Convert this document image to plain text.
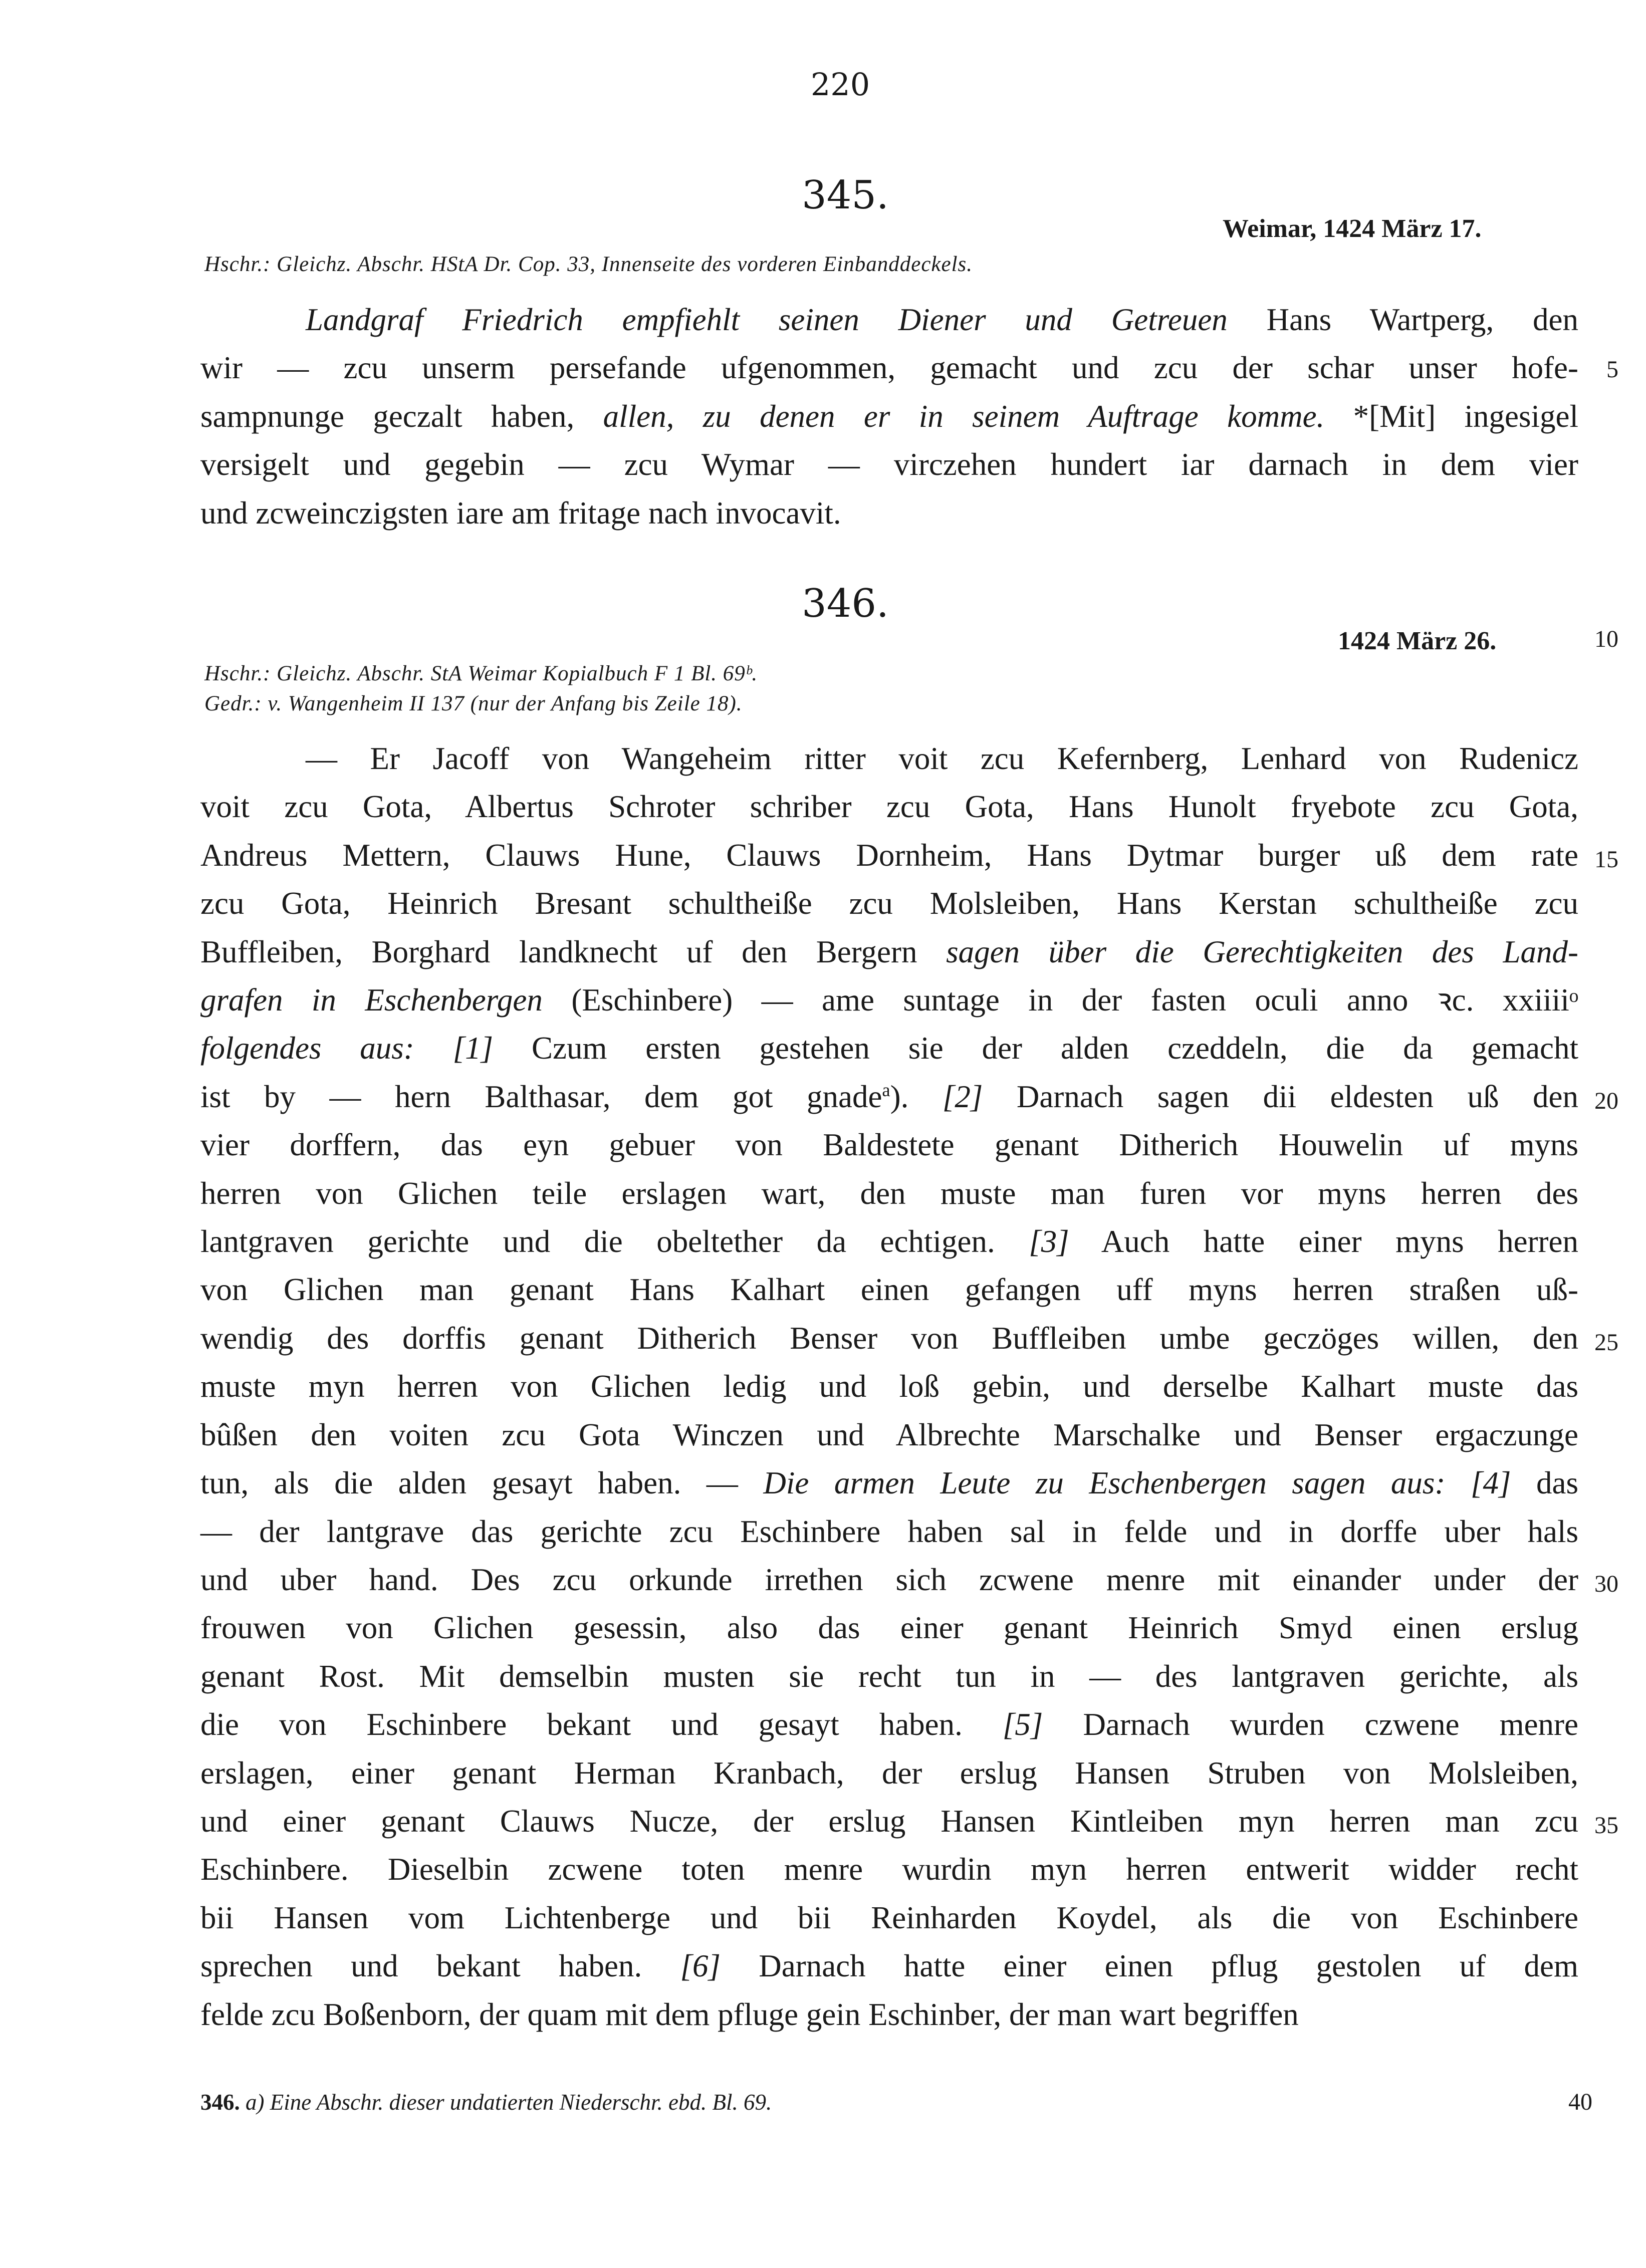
220
345.
Weimar, 1424 März 17.
Hschr.: Gleichz. Abschr. HStA Dr. Cop. 33, Innenseite des vorderen Einbanddeckels.
Landgraf Friedrich empfiehlt seinen Diener und Getreuen Hans Wartperg, den
wir — zcu unserm persefande ufgenommen, gemacht und zcu der schar unser hofe-
sampnunge geczalt haben, allen, zu denen er in seinem Auftrage komme. *[Mit] ingesigel
versigelt und gegebin — zcu Wymar — virczehen hundert iar darnach in dem vier
und zcweinczigsten iare am fritage nach invocavit.
346.
1424 März 26.
Hschr.: Gleichz. Abschr. StA Weimar Kopialbuch F 1 Bl. 69ᵇ.
Gedr.: v. Wangenheim II 137 (nur der Anfang bis Zeile 18).
— Er Jacoff von Wangeheim ritter voit zcu Kefernberg, Lenhard von Rudenicz
voit zcu Gota, Albertus Schroter schriber zcu Gota, Hans Hunolt fryebote zcu Gota,
Andreus Mettern, Clauws Hune, Clauws Dornheim, Hans Dytmar burger uß dem rate
zcu Gota, Heinrich Bresant schultheiße zcu Molsleiben, Hans Kerstan schultheiße zcu
Buffleiben, Borghard landknecht uf den Bergern sagen über die Gerechtigkeiten des Land-
grafen in Eschenbergen (Eschinbere) — ame suntage in der fasten oculi anno ꝛc. xxiiiiᵒ
folgendes aus: [1] Czum ersten gestehen sie der alden czeddeln, die da gemacht
ist by — hern Balthasar, dem got gnade$^a$). [2] Darnach sagen dii eldesten uß den
vier dorffern, das eyn gebuer von Baldestete genant Ditherich Houwelin uf myns
herren von Glichen teile erslagen wart, den muste man furen vor myns herren des
lantgraven gerichte und die obeltether da echtigen. [3] Auch hatte einer myns herren
von Glichen man genant Hans Kalhart einen gefangen uff myns herren straßen uß-
wendig des dorffis genant Ditherich Benser von Buffleiben umbe geczöges willen, den
muste myn herren von Glichen ledig und loß gebin, und derselbe Kalhart muste das
bûßen den voiten zcu Gota Winczen und Albrechte Marschalke und Benser ergaczunge
tun, als die alden gesayt haben. — Die armen Leute zu Eschenbergen sagen aus: [4] das
— der lantgrave das gerichte zcu Eschinbere haben sal in felde und in dorffe uber hals
und uber hand. Des zcu orkunde irrethen sich zcwene menre mit einander under der
frouwen von Glichen gesessin, also das einer genant Heinrich Smyd einen erslug
genant Rost. Mit demselbin musten sie recht tun in — des lantgraven gerichte, als
die von Eschinbere bekant und gesayt haben. [5] Darnach wurden czwene menre
erslagen, einer genant Herman Kranbach, der erslug Hansen Struben von Molsleiben,
und einer genant Clauws Nucze, der erslug Hansen Kintleiben myn herren man zcu
Eschinbere. Dieselbin zcwene toten menre wurdin myn herren entwerit widder recht
bii Hansen vom Lichtenberge und bii Reinharden Koydel, als die von Eschinbere
sprechen und bekant haben. [6] Darnach hatte einer einen pflug gestolen uf dem
felde zcu Boßenborn, der quam mit dem pfluge gein Eschinber, der man wart begriffen
5
10
15
20
25
30
35
346. a) Eine Abschr. dieser undatierten Niederschr. ebd. Bl. 69.	40
